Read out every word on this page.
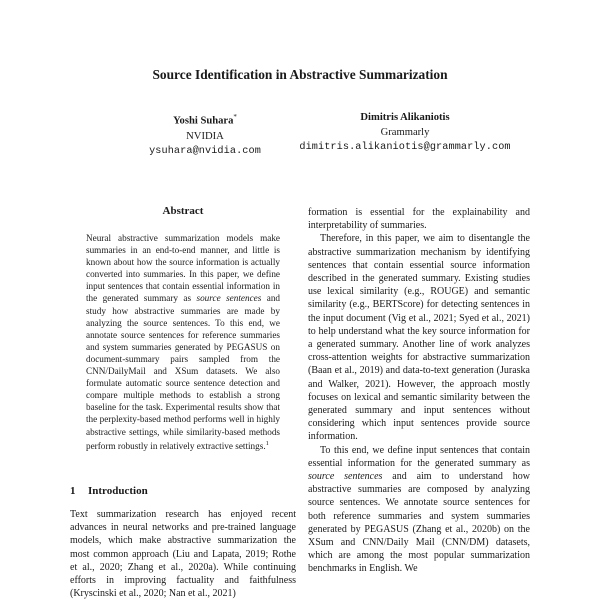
Source Identification in Abstractive Summarization
Yoshi Suhara*
NVIDIA
ysuhara@nvidia.com
Dimitris Alikaniotis
Grammarly
dimitris.alikaniotis@grammarly.com
Abstract
Neural abstractive summarization models make summaries in an end-to-end manner, and little is known about how the source information is actually converted into summaries. In this paper, we define input sentences that contain essential information in the generated summary as source sentences and study how abstractive summaries are made by analyzing the source sentences. To this end, we annotate source sentences for reference summaries and system summaries generated by PEGASUS on document-summary pairs sampled from the CNN/DailyMail and XSum datasets. We also formulate automatic source sentence detection and compare multiple methods to establish a strong baseline for the task. Experimental results show that the perplexity-based method performs well in highly abstractive settings, while similarity-based methods perform robustly in relatively extractive settings.$^1$
1 Introduction
Text summarization research has enjoyed recent advances in neural networks and pre-trained language models, which make abstractive summarization the most common approach (Liu and Lapata, 2019; Rothe et al., 2020; Zhang et al., 2020a). While continuing efforts in improving factuality and faithfulness (Kryscinski et al., 2020; Nan et al., 2021)

formation is essential for the explainability and interpretability of summaries.

Therefore, in this paper, we aim to disentangle the abstractive summarization mechanism by identifying sentences that contain essential source information described in the generated summary. Existing studies use lexical similarity (e.g., ROUGE) and semantic similarity (e.g., BERTScore) for detecting sentences in the input document (Vig et al., 2021; Syed et al., 2021) to help understand what the key source information for a generated summary. Another line of work analyzes cross-attention weights for abstractive summarization (Baan et al., 2019) and data-to-text generation (Juraska and Walker, 2021). However, the approach mostly focuses on lexical and semantic similarity between the generated summary and input sentences without considering which input sentences provide source information.

To this end, we define input sentences that contain essential information for the generated summary as source sentences and aim to understand how abstractive summaries are composed by analyzing source sentences. We annotate source sentences for both reference summaries and system summaries generated by PEGASUS (Zhang et al., 2020b) on the XSum and CNN/Daily Mail (CNN/DM) datasets, which are among the most popular summarization benchmarks in English. We
